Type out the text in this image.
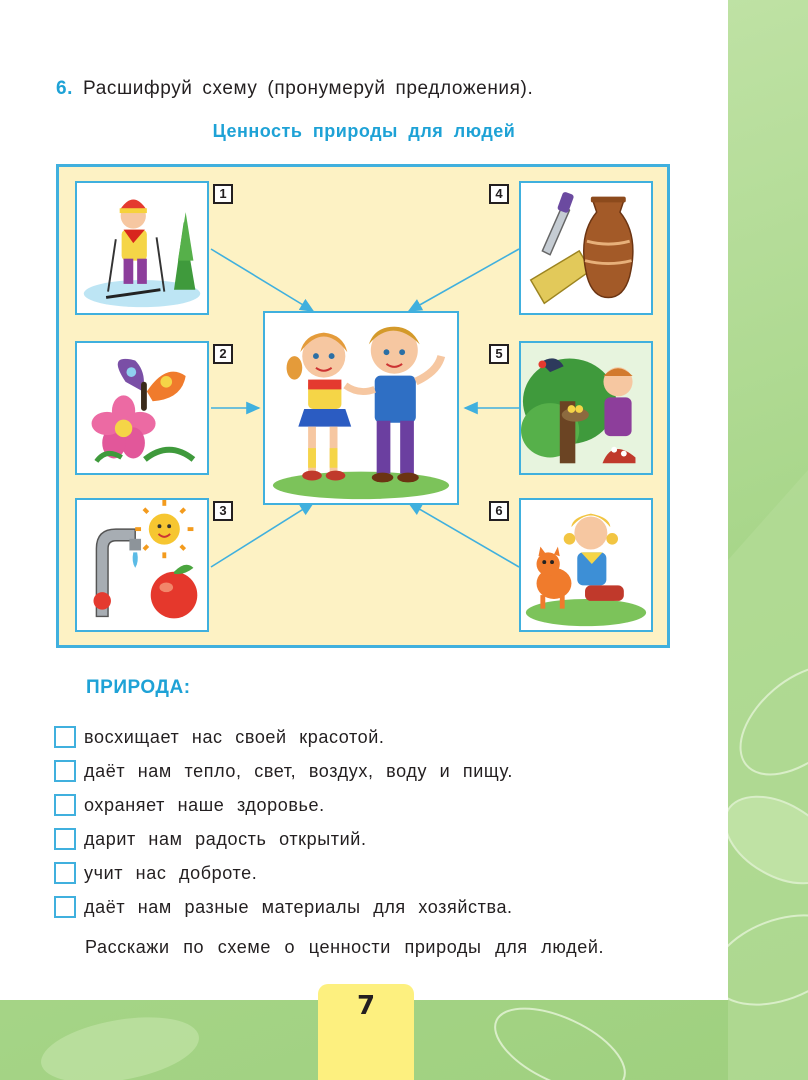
6. Расшифруй схему (пронумеруй предложения).
Ценность природы для людей
1
2
3
4
5
6
ПРИРОДА:
восхищает нас своей красотой.
даёт нам тепло, свет, воздух, воду и пищу.
охраняет наше здоровье.
дарит нам радость открытий.
учит нас доброте.
даёт нам разные материалы для хозяйства.
Расскажи по схеме о ценности природы для людей.
7
